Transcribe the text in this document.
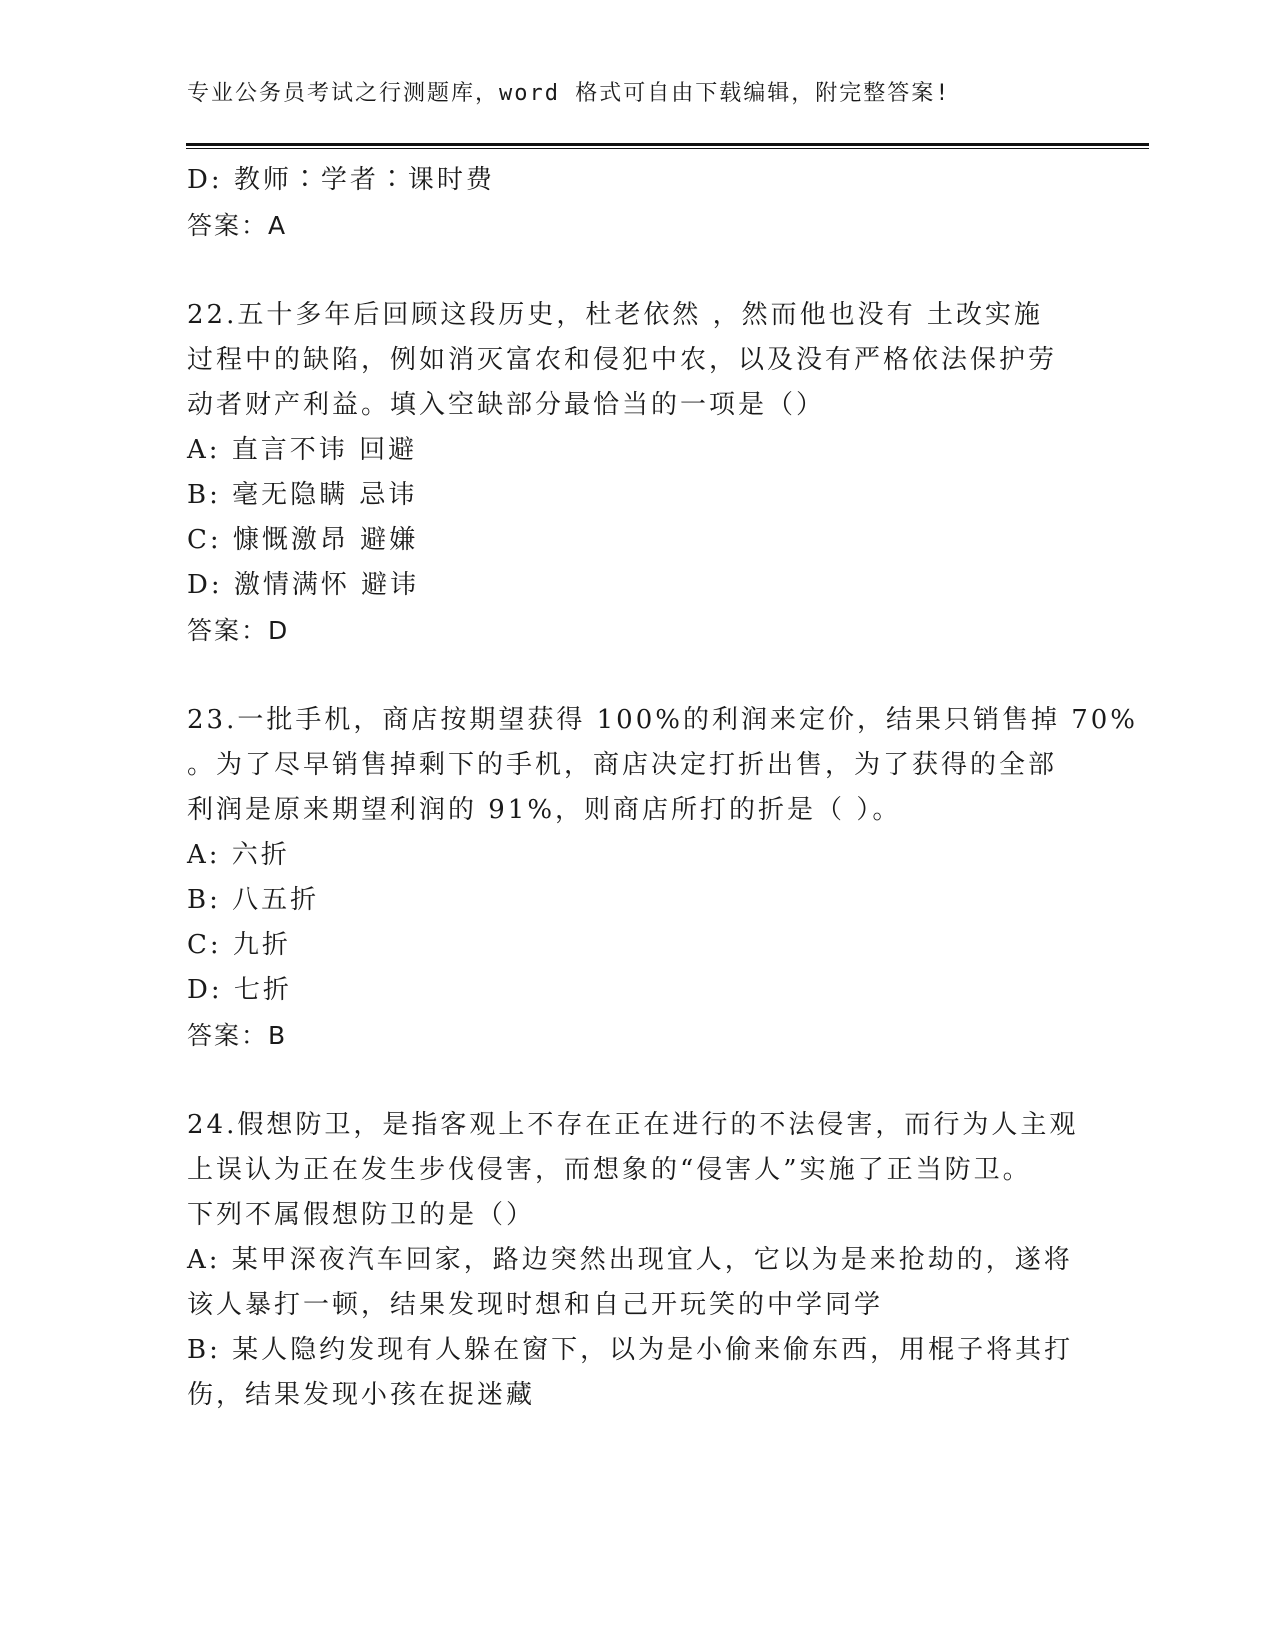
专业公务员考试之行测题库，word 格式可自由下载编辑，附完整答案!
D: 教师∶学者∶课时费
答案：A
22.五十多年后回顾这段历史，杜老依然 ，然而他也没有 土改实施
过程中的缺陷，例如消灭富农和侵犯中农，以及没有严格依法保护劳
动者财产利益。填入空缺部分最恰当的一项是（）
A: 直言不讳 回避
B: 毫无隐瞒 忌讳
C: 慷慨激昂 避嫌
D: 激情满怀 避讳
答案：D
23.一批手机，商店按期望获得 100%的利润来定价，结果只销售掉 70%
。为了尽早销售掉剩下的手机，商店决定打折出售，为了获得的全部
利润是原来期望利润的 91%，则商店所打的折是（ ）。
A: 六折
B: 八五折
C: 九折
D: 七折
答案：B
24.假想防卫，是指客观上不存在正在进行的不法侵害，而行为人主观
上误认为正在发生步伐侵害，而想象的“侵害人”实施了正当防卫。
下列不属假想防卫的是（）
A: 某甲深夜汽车回家，路边突然出现宜人，它以为是来抢劫的，遂将
该人暴打一顿，结果发现时想和自己开玩笑的中学同学
B: 某人隐约发现有人躲在窗下，以为是小偷来偷东西，用棍子将其打
伤，结果发现小孩在捉迷藏
